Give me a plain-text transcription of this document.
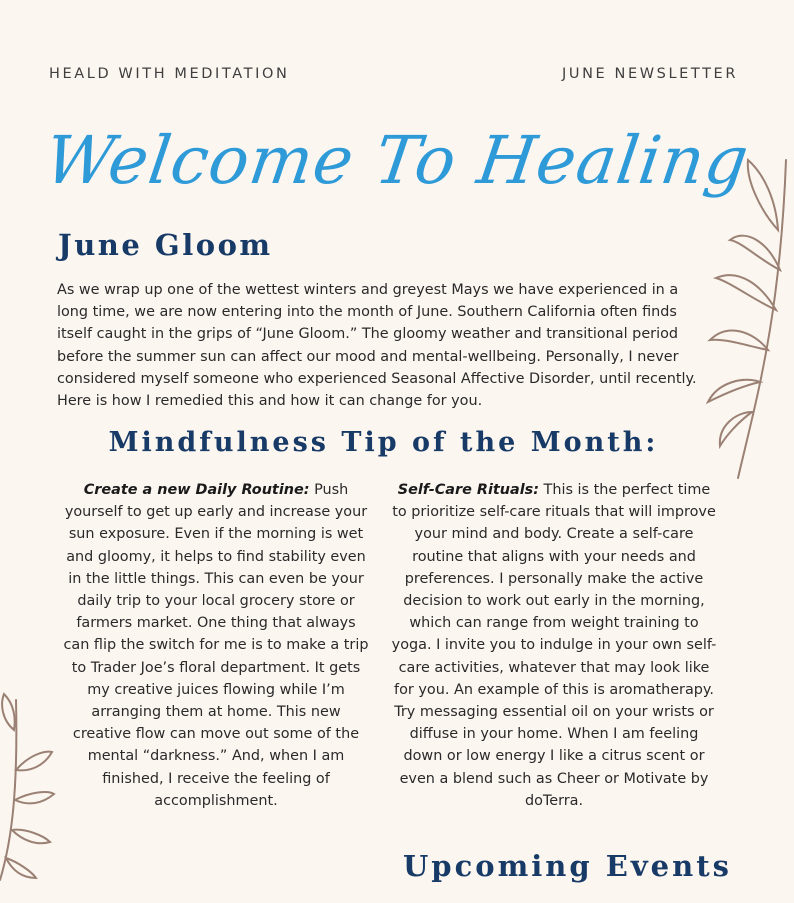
HEALD WITH MEDITATION	JUNE NEWSLETTER
Welcome To Healing
June Gloom
As we wrap up one of the wettest winters and greyest Mays we have experienced in a long time, we are now entering into the month of June. Southern California often finds itself caught in the grips of “June Gloom.” The gloomy weather and transitional period before the summer sun can affect our mood and mental-wellbeing. Personally, I never considered myself someone who experienced Seasonal Affective Disorder, until recently. Here is how I remedied this and how it can change for you.
Mindfulness Tip of the Month:
Create a new Daily Routine: Push yourself to get up early and increase your sun exposure. Even if the morning is wet and gloomy, it helps to find stability even in the little things. This can even be your daily trip to your local grocery store or farmers market. One thing that always can flip the switch for me is to make a trip to Trader Joe’s floral department. It gets my creative juices flowing while I’m arranging them at home. This new creative flow can move out some of the mental “darkness.” And, when I am finished, I receive the feeling of accomplishment.
Self-Care Rituals: This is the perfect time to prioritize self-care rituals that will improve your mind and body. Create a self-care routine that aligns with your needs and preferences. I personally make the active decision to work out early in the morning, which can range from weight training to yoga. I invite you to indulge in your own self-care activities, whatever that may look like for you. An example of this is aromatherapy. Try messaging essential oil on your wrists or diffuse in your home. When I am feeling down or low energy I like a citrus scent or even a blend such as Cheer or Motivate by doTerra.
Upcoming Events
